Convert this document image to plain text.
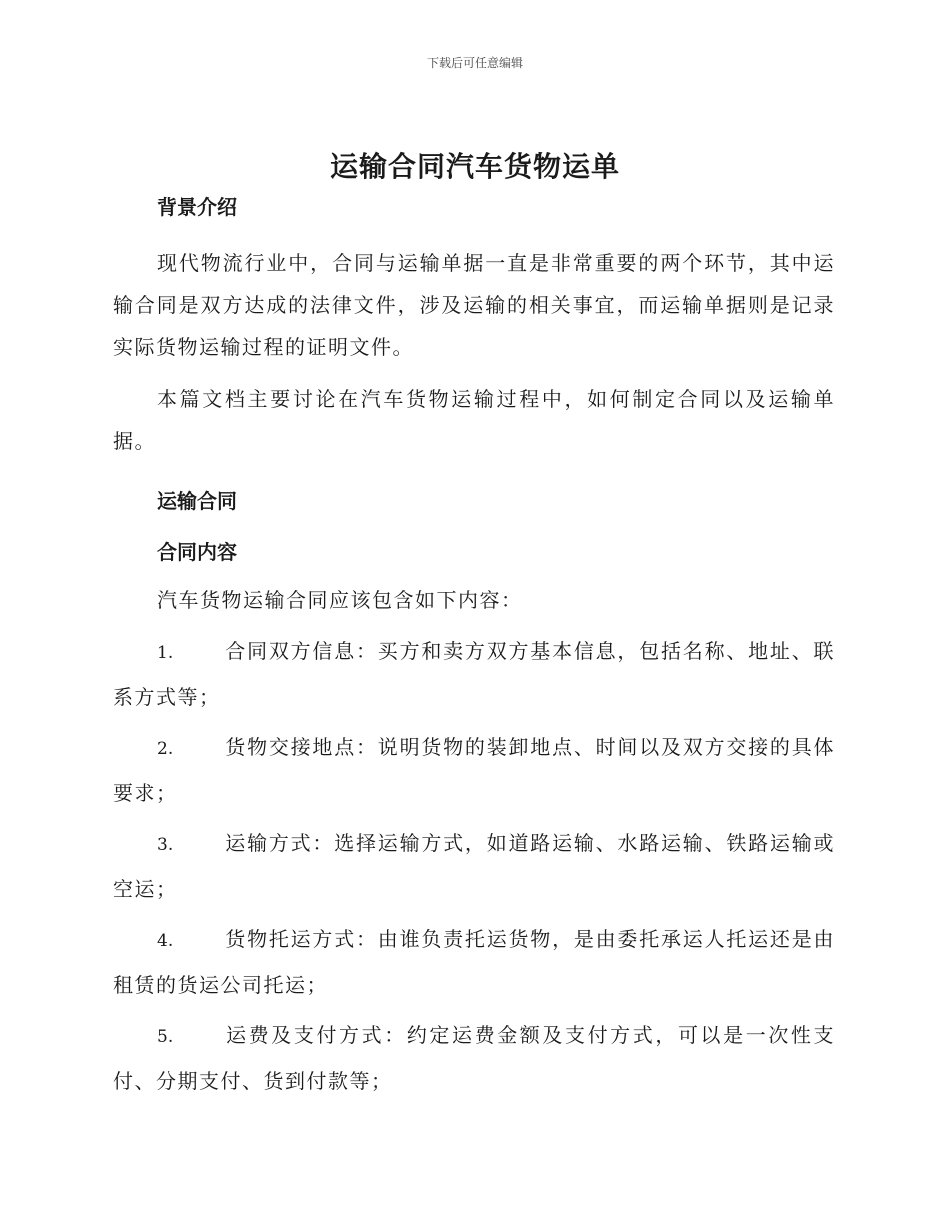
下载后可任意编辑
运输合同汽车货物运单
背景介绍
现代物流行业中，合同与运输单据一直是非常重要的两个环节，其中运输合同是双方达成的法律文件，涉及运输的相关事宜，而运输单据则是记录实际货物运输过程的证明文件。
本篇文档主要讨论在汽车货物运输过程中，如何制定合同以及运输单据。
运输合同
合同内容
汽车货物运输合同应该包含如下内容：
1.	合同双方信息：买方和卖方双方基本信息，包括名称、地址、联系方式等；
2.	货物交接地点：说明货物的装卸地点、时间以及双方交接的具体要求；
3.	运输方式：选择运输方式，如道路运输、水路运输、铁路运输或空运；
4.	货物托运方式：由谁负责托运货物，是由委托承运人托运还是由租赁的货运公司托运；
5.	运费及支付方式：约定运费金额及支付方式，可以是一次性支付、分期支付、货到付款等；
